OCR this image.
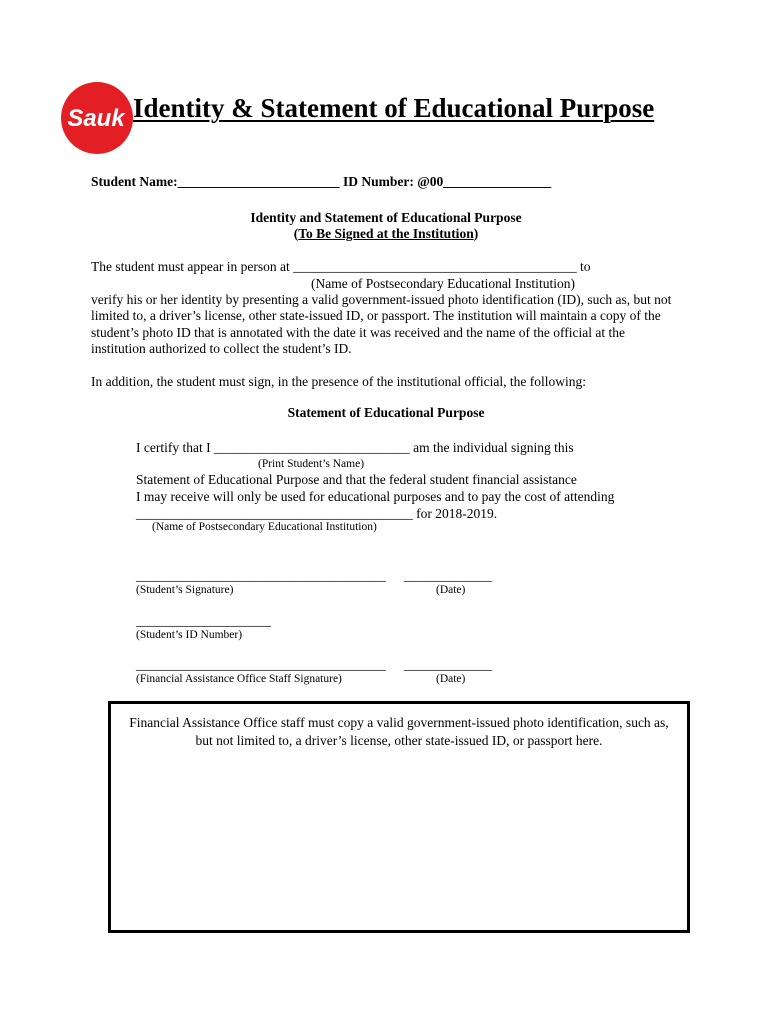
Sauk Identity & Statement of Educational Purpose
Student Name:________________________ ID Number: @00________________
Identity and Statement of Educational Purpose
(To Be Signed at the Institution)
The student must appear in person at __________________________________________ to
(Name of Postsecondary Educational Institution)
verify his or her identity by presenting a valid government-issued photo identification (ID), such as, but not limited to, a driver’s license, other state-issued ID, or passport. The institution will maintain a copy of the student’s photo ID that is annotated with the date it was received and the name of the official at the institution authorized to collect the student’s ID.
In addition, the student must sign, in the presence of the institutional official, the following:
Statement of Educational Purpose
I certify that I _____________________________ am the individual signing this
(Print Student’s Name)
Statement of Educational Purpose and that the federal student financial assistance
I may receive will only be used for educational purposes and to pay the cost of attending
_________________________________________ for 2018-2019.
(Name of Postsecondary Educational Institution)
_____________________________________ _____________
(Student’s Signature)	(Date)
____________________
(Student’s ID Number)
_____________________________________ _____________
(Financial Assistance Office Staff Signature)	(Date)
Financial Assistance Office staff must copy a valid government-issued photo identification, such as,
but not limited to, a driver’s license, other state-issued ID, or passport here.
